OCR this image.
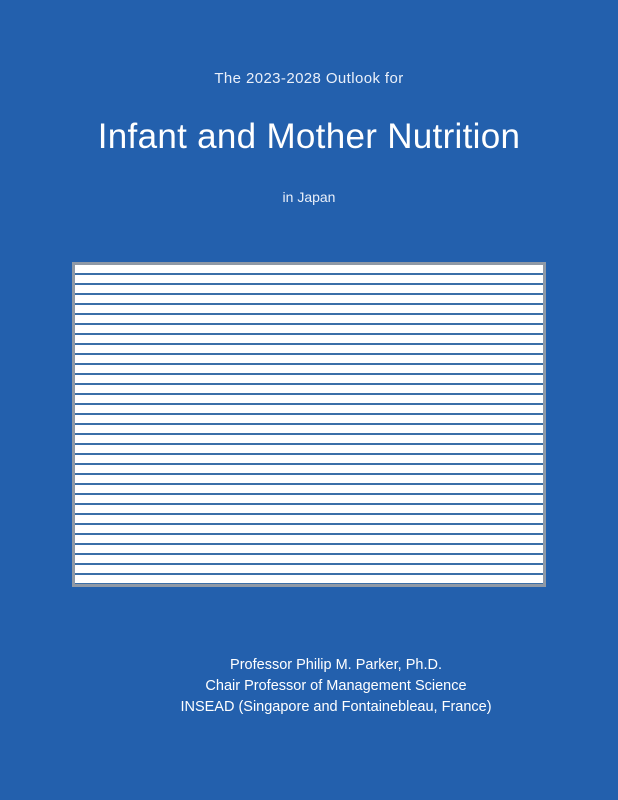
The 2023-2028 Outlook for
Infant and Mother Nutrition
in Japan
Professor Philip M. Parker, Ph.D.
Chair Professor of Management Science
INSEAD (Singapore and Fontainebleau, France)
